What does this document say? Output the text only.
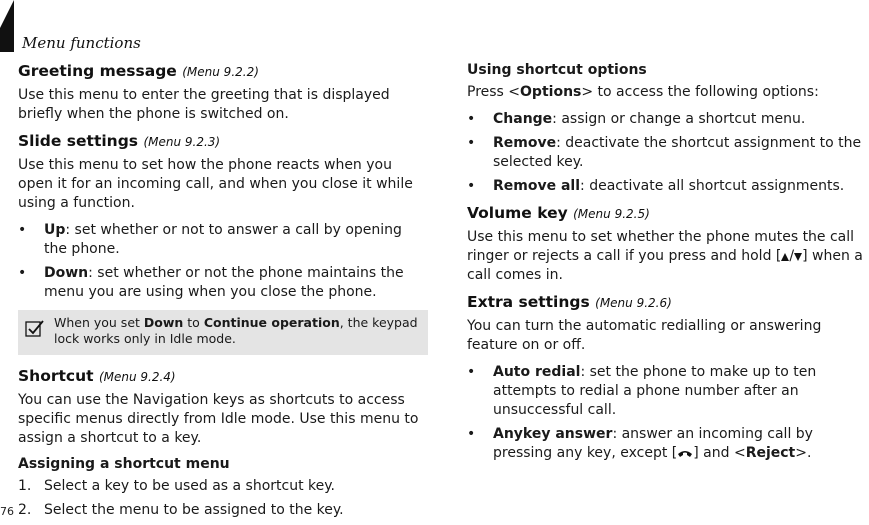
Menu functions
Greeting message (Menu 9.2.2)

Use this menu to enter the greeting that is displayed briefly when the phone is switched on.

Slide settings (Menu 9.2.3)

Use this menu to set how the phone reacts when you open it for an incoming call, and when you close it while using a function.

• Up: set whether or not to answer a call by opening the phone.
• Down: set whether or not the phone maintains the menu you are using when you close the phone.
When you set Down to Continue operation, the keypad lock works only in Idle mode.
Shortcut (Menu 9.2.4)

You can use the Navigation keys as shortcuts to access specific menus directly from Idle mode. Use this menu to assign a shortcut to a key.

Assigning a shortcut menu
1. Select a key to be used as a shortcut key.
2. Select the menu to be assigned to the key.
Using shortcut options

Press <Options> to access the following options:

• Change: assign or change a shortcut menu.
• Remove: deactivate the shortcut assignment to the selected key.
• Remove all: deactivate all shortcut assignments.
Volume key (Menu 9.2.5)

Use this menu to set whether the phone mutes the call ringer or rejects a call if you press and hold [ / ] when a call comes in.

Extra settings (Menu 9.2.6)

You can turn the automatic redialling or answering feature on or off.

• Auto redial: set the phone to make up to ten attempts to redial a phone number after an unsuccessful call.
• Anykey answer: answer an incoming call by pressing any key, except [ ] and <Reject>.
76
